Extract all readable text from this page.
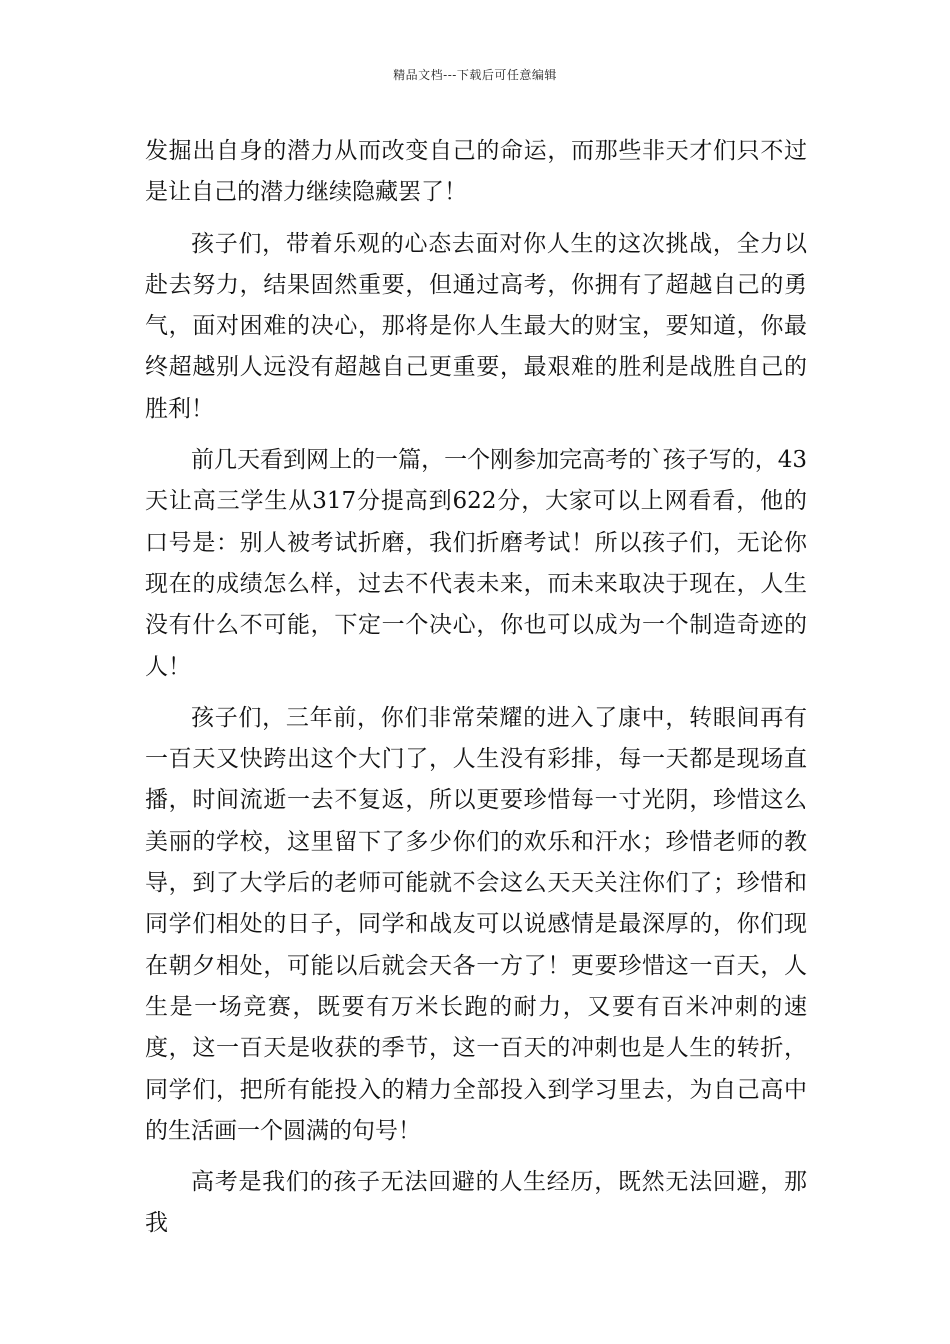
精品文档---下载后可任意编辑

发掘出自身的潜力从而改变自己的命运，而那些非天才们只不过是让自己的潜力继续隐藏罢了！

孩子们，带着乐观的心态去面对你人生的这次挑战，全力以赴去努力，结果固然重要，但通过高考，你拥有了超越自己的勇气，面对困难的决心，那将是你人生最大的财宝，要知道，你最终超越别人远没有超越自己更重要，最艰难的胜利是战胜自己的胜利！

前几天看到网上的一篇，一个刚参加完高考的`孩子写的，43天让高三学生从317分提高到622分，大家可以上网看看，他的口号是：别人被考试折磨，我们折磨考试！所以孩子们，无论你现在的成绩怎么样，过去不代表未来，而未来取决于现在，人生没有什么不可能，下定一个决心，你也可以成为一个制造奇迹的人！

孩子们，三年前，你们非常荣耀的进入了康中，转眼间再有一百天又快跨出这个大门了，人生没有彩排，每一天都是现场直播，时间流逝一去不复返，所以更要珍惜每一寸光阴，珍惜这么美丽的学校，这里留下了多少你们的欢乐和汗水；珍惜老师的教导，到了大学后的老师可能就不会这么天天关注你们了；珍惜和同学们相处的日子，同学和战友可以说感情是最深厚的，你们现在朝夕相处，可能以后就会天各一方了！更要珍惜这一百天，人生是一场竞赛，既要有万米长跑的耐力，又要有百米冲刺的速度，这一百天是收获的季节，这一百天的冲刺也是人生的转折，同学们，把所有能投入的精力全部投入到学习里去，为自己高中的生活画一个圆满的句号！

高考是我们的孩子无法回避的人生经历，既然无法回避，那我
